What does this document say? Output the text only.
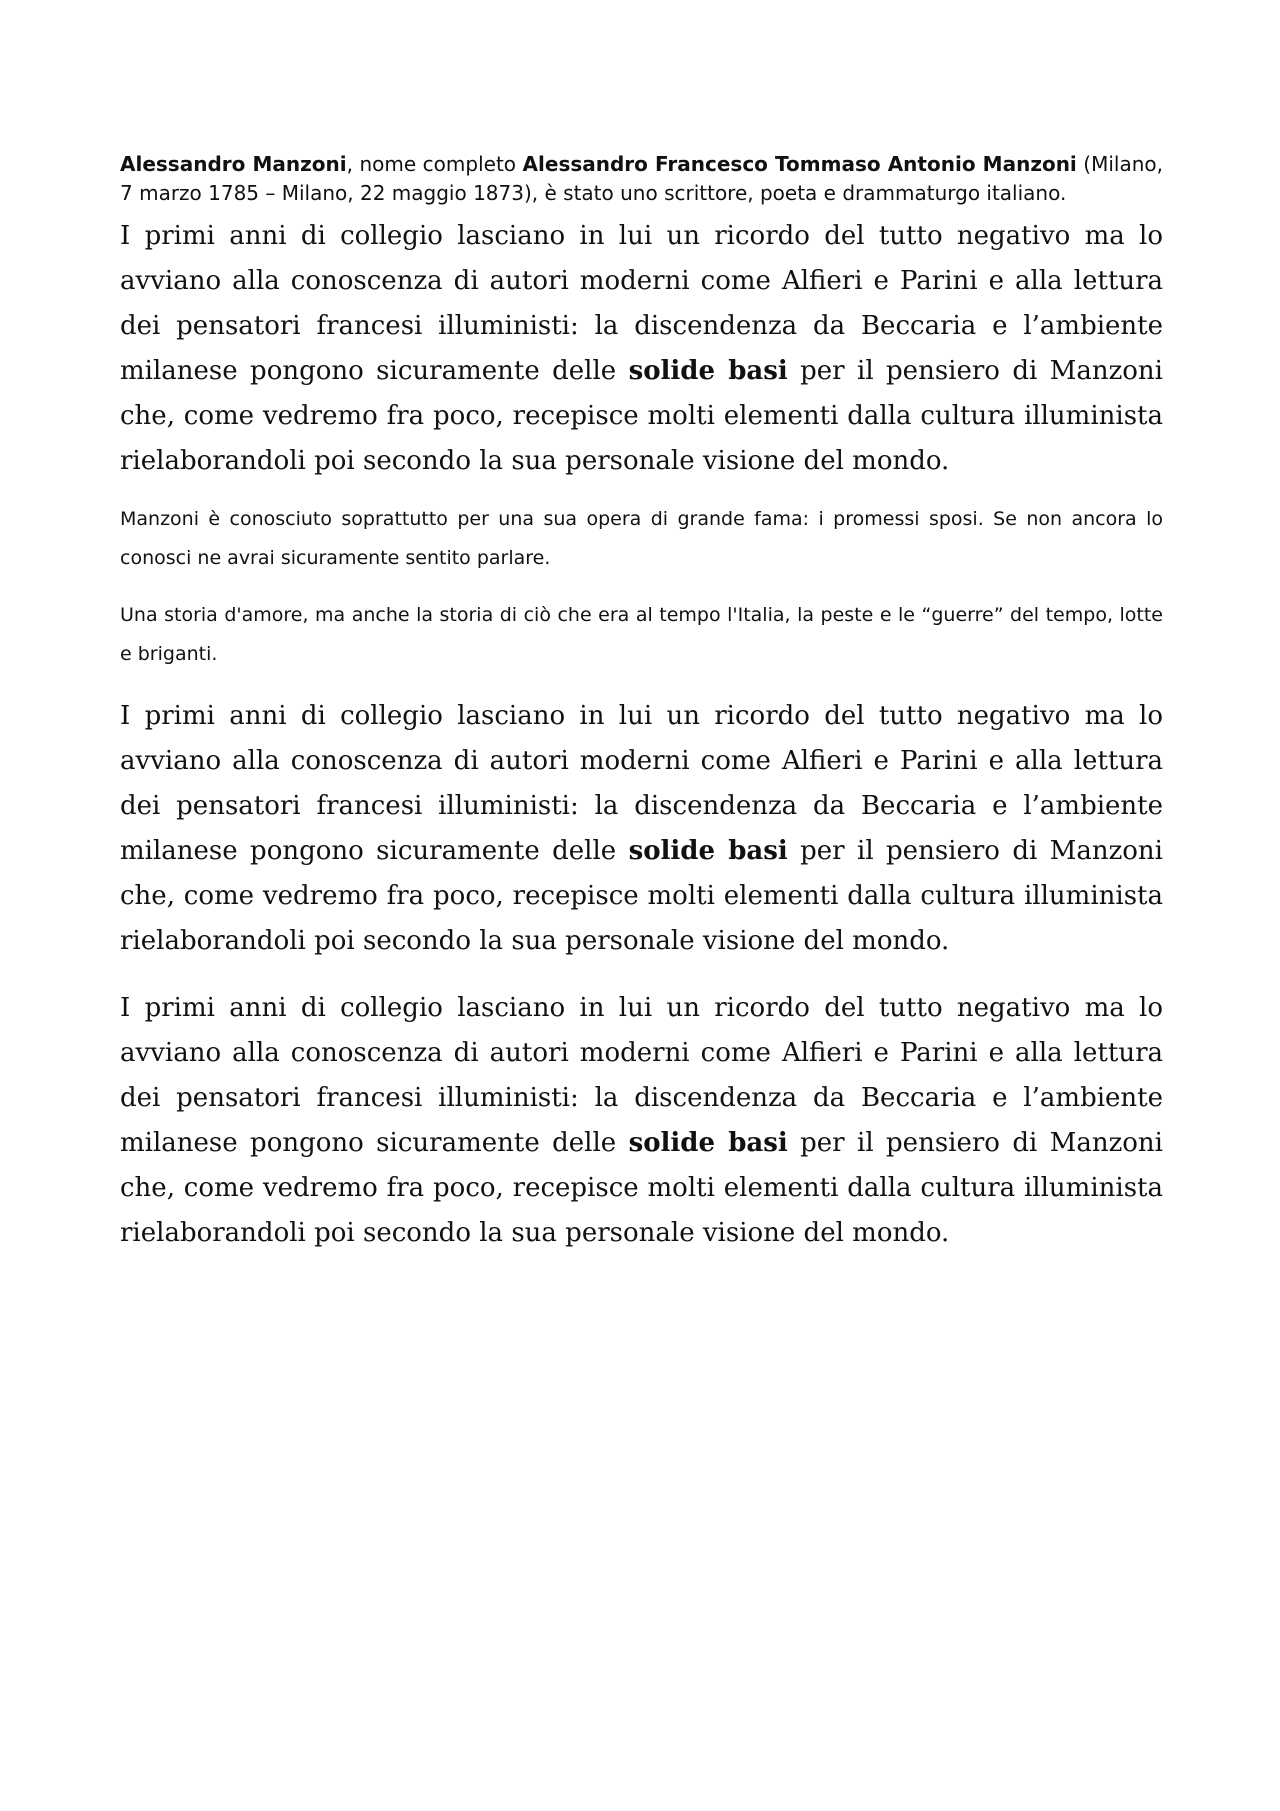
Alessandro Manzoni, nome completo Alessandro Francesco Tommaso Antonio Manzoni (Milano, 7 marzo 1785 – Milano, 22 maggio 1873), è stato uno scrittore, poeta e drammaturgo italiano.

I primi anni di collegio lasciano in lui un ricordo del tutto negativo ma lo avviano alla conoscenza di autori moderni come Alfieri e Parini e alla lettura dei pensatori francesi illuministi: la discendenza da Beccaria e l’ambiente milanese pongono sicuramente delle solide basi per il pensiero di Manzoni che, come vedremo fra poco, recepisce molti elementi dalla cultura illuminista rielaborandoli poi secondo la sua personale visione del mondo.

Manzoni è conosciuto soprattutto per una sua opera di grande fama: i promessi sposi. Se non ancora lo conosci ne avrai sicuramente sentito parlare.

Una storia d'amore, ma anche la storia di ciò che era al tempo l'Italia, la peste e le “guerre” del tempo, lotte e briganti.

I primi anni di collegio lasciano in lui un ricordo del tutto negativo ma lo avviano alla conoscenza di autori moderni come Alfieri e Parini e alla lettura dei pensatori francesi illuministi: la discendenza da Beccaria e l’ambiente milanese pongono sicuramente delle solide basi per il pensiero di Manzoni che, come vedremo fra poco, recepisce molti elementi dalla cultura illuminista rielaborandoli poi secondo la sua personale visione del mondo.

I primi anni di collegio lasciano in lui un ricordo del tutto negativo ma lo avviano alla conoscenza di autori moderni come Alfieri e Parini e alla lettura dei pensatori francesi illuministi: la discendenza da Beccaria e l’ambiente milanese pongono sicuramente delle solide basi per il pensiero di Manzoni che, come vedremo fra poco, recepisce molti elementi dalla cultura illuminista rielaborandoli poi secondo la sua personale visione del mondo.
